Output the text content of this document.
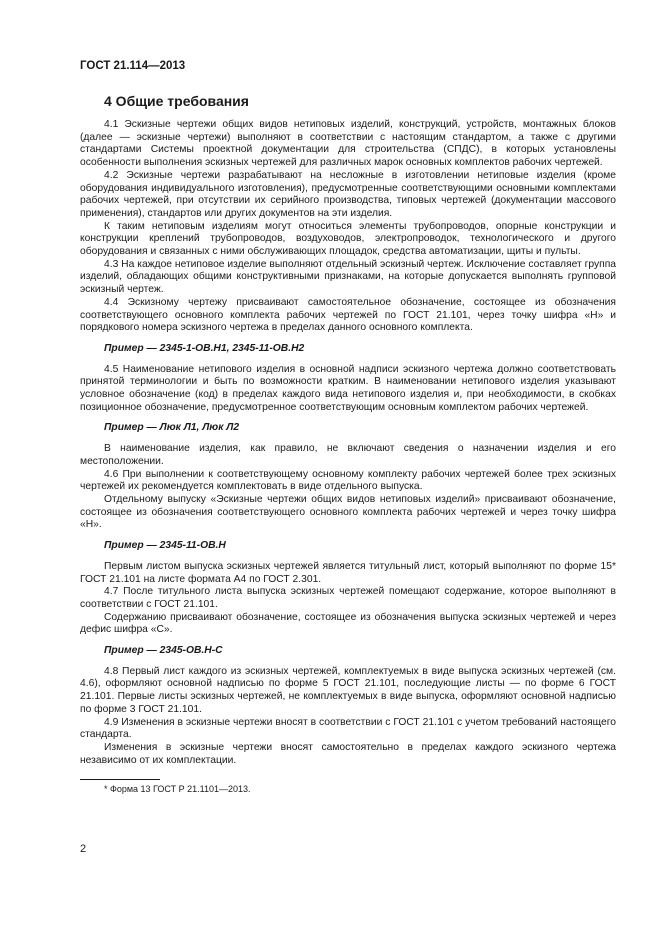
ГОСТ 21.114—2013
4 Общие требования

4.1 Эскизные чертежи общих видов нетиповых изделий, конструкций, устройств, монтажных блоков (далее — эскизные чертежи) выполняют в соответствии с настоящим стандартом, а также с другими стандартами Системы проектной документации для строительства (СПДС), в которых установлены особенности выполнения эскизных чертежей для различных марок основных комплектов рабочих чертежей.

4.2 Эскизные чертежи разрабатывают на несложные в изготовлении нетиповые изделия (кроме оборудования индивидуального изготовления), предусмотренные соответствующими основными комплектами рабочих чертежей, при отсутствии их серийного производства, типовых чертежей (документации массового применения), стандартов или других документов на эти изделия.

К таким нетиповым изделиям могут относиться элементы трубопроводов, опорные конструкции и конструкции креплений трубопроводов, воздуховодов, электропроводок, технологического и другого оборудования и связанных с ними обслуживающих площадок, средства автоматизации, щиты и пульты.

4.3 На каждое нетиповое изделие выполняют отдельный эскизный чертеж. Исключение составляет группа изделий, обладающих общими конструктивными признаками, на которые допускается выполнять групповой эскизный чертеж.

4.4 Эскизному чертежу присваивают самостоятельное обозначение, состоящее из обозначения соответствующего основного комплекта рабочих чертежей по ГОСТ 21.101, через точку шифра «Н» и порядкового номера эскизного чертежа в пределах данного основного комплекта.

Пример — 2345-1-ОВ.Н1, 2345-11-ОВ.Н2

4.5 Наименование нетипового изделия в основной надписи эскизного чертежа должно соответствовать принятой терминологии и быть по возможности кратким. В наименовании нетипового изделия указывают условное обозначение (код) в пределах каждого вида нетипового изделия и, при необходимости, в скобках позиционное обозначение, предусмотренное соответствующим основным комплектом рабочих чертежей.

Пример — Люк Л1, Люк Л2

В наименование изделия, как правило, не включают сведения о назначении изделия и его местоположении.

4.6 При выполнении к соответствующему основному комплекту рабочих чертежей более трех эскизных чертежей их рекомендуется комплектовать в виде отдельного выпуска.

Отдельному выпуску «Эскизные чертежи общих видов нетиповых изделий» присваивают обозначение, состоящее из обозначения соответствующего основного комплекта рабочих чертежей и через точку шифра «Н».

Пример — 2345-11-ОВ.Н

Первым листом выпуска эскизных чертежей является титульный лист, который выполняют по форме 15* ГОСТ 21.101 на листе формата А4 по ГОСТ 2.301.

4.7 После титульного листа выпуска эскизных чертежей помещают содержание, которое выполняют в соответствии с ГОСТ 21.101.

Содержанию присваивают обозначение, состоящее из обозначения выпуска эскизных чертежей и через дефис шифра «С».

Пример — 2345-ОВ.Н-С

4.8 Первый лист каждого из эскизных чертежей, комплектуемых в виде выпуска эскизных чертежей (см. 4.6), оформляют основной надписью по форме 5 ГОСТ 21.101, последующие листы — по форме 6 ГОСТ 21.101. Первые листы эскизных чертежей, не комплектуемых в виде выпуска, оформляют основной надписью по форме 3 ГОСТ 21.101.

4.9 Изменения в эскизные чертежи вносят в соответствии с ГОСТ 21.101 с учетом требований настоящего стандарта.

Изменения в эскизные чертежи вносят самостоятельно в пределах каждого эскизного чертежа независимо от их комплектации.

* Форма 13 ГОСТ Р 21.1101—2013.

2
